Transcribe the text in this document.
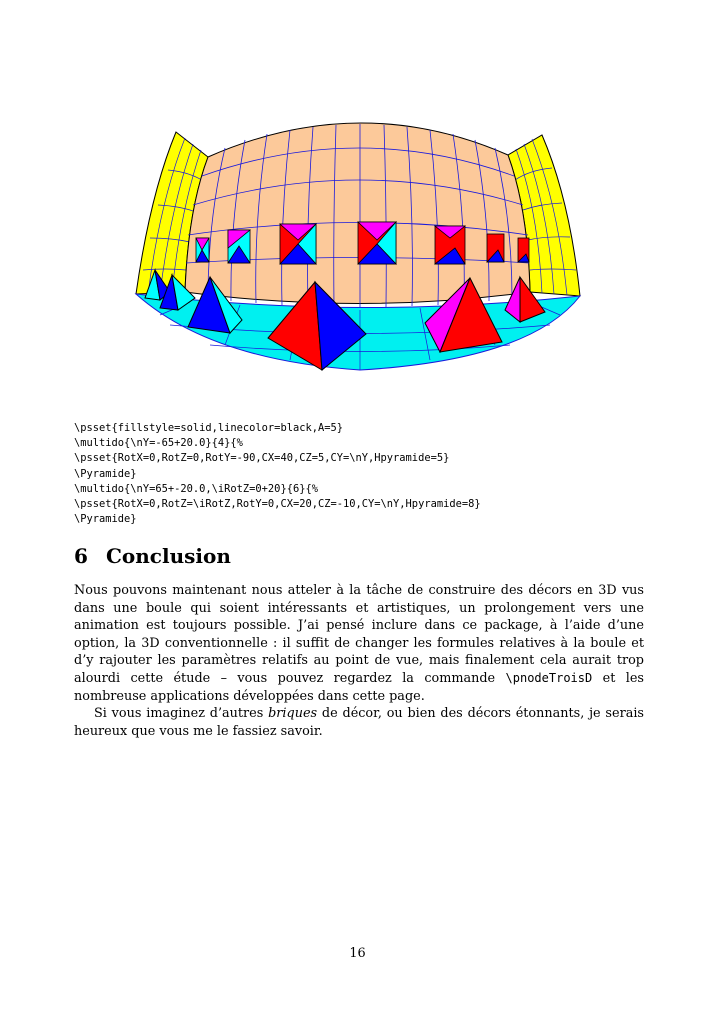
\psset{fillstyle=solid,linecolor=black,A=5}
\multido{\nY=-65+20.0}{4}{%
\psset{RotX=0,RotZ=0,RotY=-90,CX=40,CZ=5,CY=\nY,Hpyramide=5}
\Pyramide}
\multido{\nY=65+-20.0,\iRotZ=0+20}{6}{%
\psset{RotX=0,RotZ=\iRotZ,RotY=0,CX=20,CZ=-10,CY=\nY,Hpyramide=8}
\Pyramide}
6 Conclusion

Nous pouvons maintenant nous atteler à la tâche de construire des décors en 3D vus dans une boule qui soient intéressants et artistiques, un prolongement vers une animation est toujours possible. J’ai pensé inclure dans ce package, à l’aide d’une option, la 3D conventionnelle : il suffit de changer les formules relatives à la boule et d’y rajouter les paramètres relatifs au point de vue, mais finalement cela aurait trop alourdi cette étude – vous pouvez regardez la commande \pnodeTroisD et les nombreuse applications développées dans cette page.

Si vous imaginez d’autres briques de décor, ou bien des décors étonnants, je serais heureux que vous me le fassiez savoir.

16
